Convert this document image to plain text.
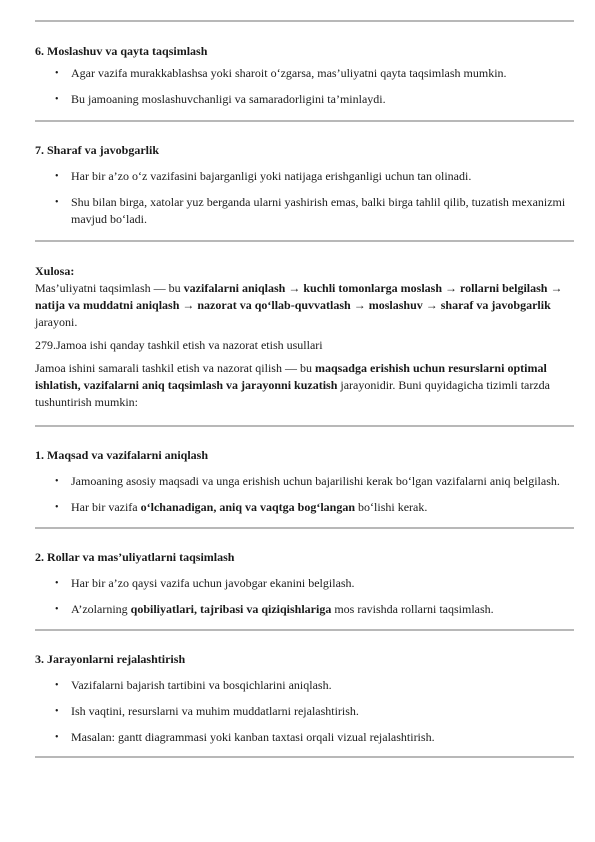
6. Moslashuv va qayta taqsimlash

• Agar vazifa murakkablashsa yoki sharoit o‘zgarsa, mas’uliyatni qayta taqsimlash mumkin.
• Bu jamoaning moslashuvchanligi va samaradorligini ta’minlaydi.

7. Sharaf va javobgarlik

• Har bir a’zo o‘z vazifasini bajarganligi yoki natijaga erishganligi uchun tan olinadi.
• Shu bilan birga, xatolar yuz berganda ularni yashirish emas, balki birga tahlil qilib, tuzatish mexanizmi mavjud bo‘ladi.

Xulosa:

Mas’uliyatni taqsimlash — bu vazifalarni aniqlash → kuchli tomonlarga moslash → rollarni belgilash → natija va muddatni aniqlash → nazorat va qo‘llab-quvvatlash → moslashuv → sharaf va javobgarlik jarayoni.

279.Jamoa ishi qanday tashkil etish va nazorat etish usullari

Jamoa ishini samarali tashkil etish va nazorat qilish — bu maqsadga erishish uchun resurslarni optimal ishlatish, vazifalarni aniq taqsimlash va jarayonni kuzatish jarayonidir. Buni quyidagicha tizimli tarzda tushuntirish mumkin:

1. Maqsad va vazifalarni aniqlash

• Jamoaning asosiy maqsadi va unga erishish uchun bajarilishi kerak bo‘lgan vazifalarni aniq belgilash.
• Har bir vazifa o‘lchanadigan, aniq va vaqtga bog‘langan bo‘lishi kerak.

2. Rollar va mas’uliyatlarni taqsimlash

• Har bir a’zo qaysi vazifa uchun javobgar ekanini belgilash.
• A’zolarning qobiliyatlari, tajribasi va qiziqishlariga mos ravishda rollarni taqsimlash.

3. Jarayonlarni rejalashtirish

• Vazifalarni bajarish tartibini va bosqichlarini aniqlash.
• Ish vaqtini, resurslarni va muhim muddatlarni rejalashtirish.
• Masalan: gantt diagrammasi yoki kanban taxtasi orqali vizual rejalashtirish.
